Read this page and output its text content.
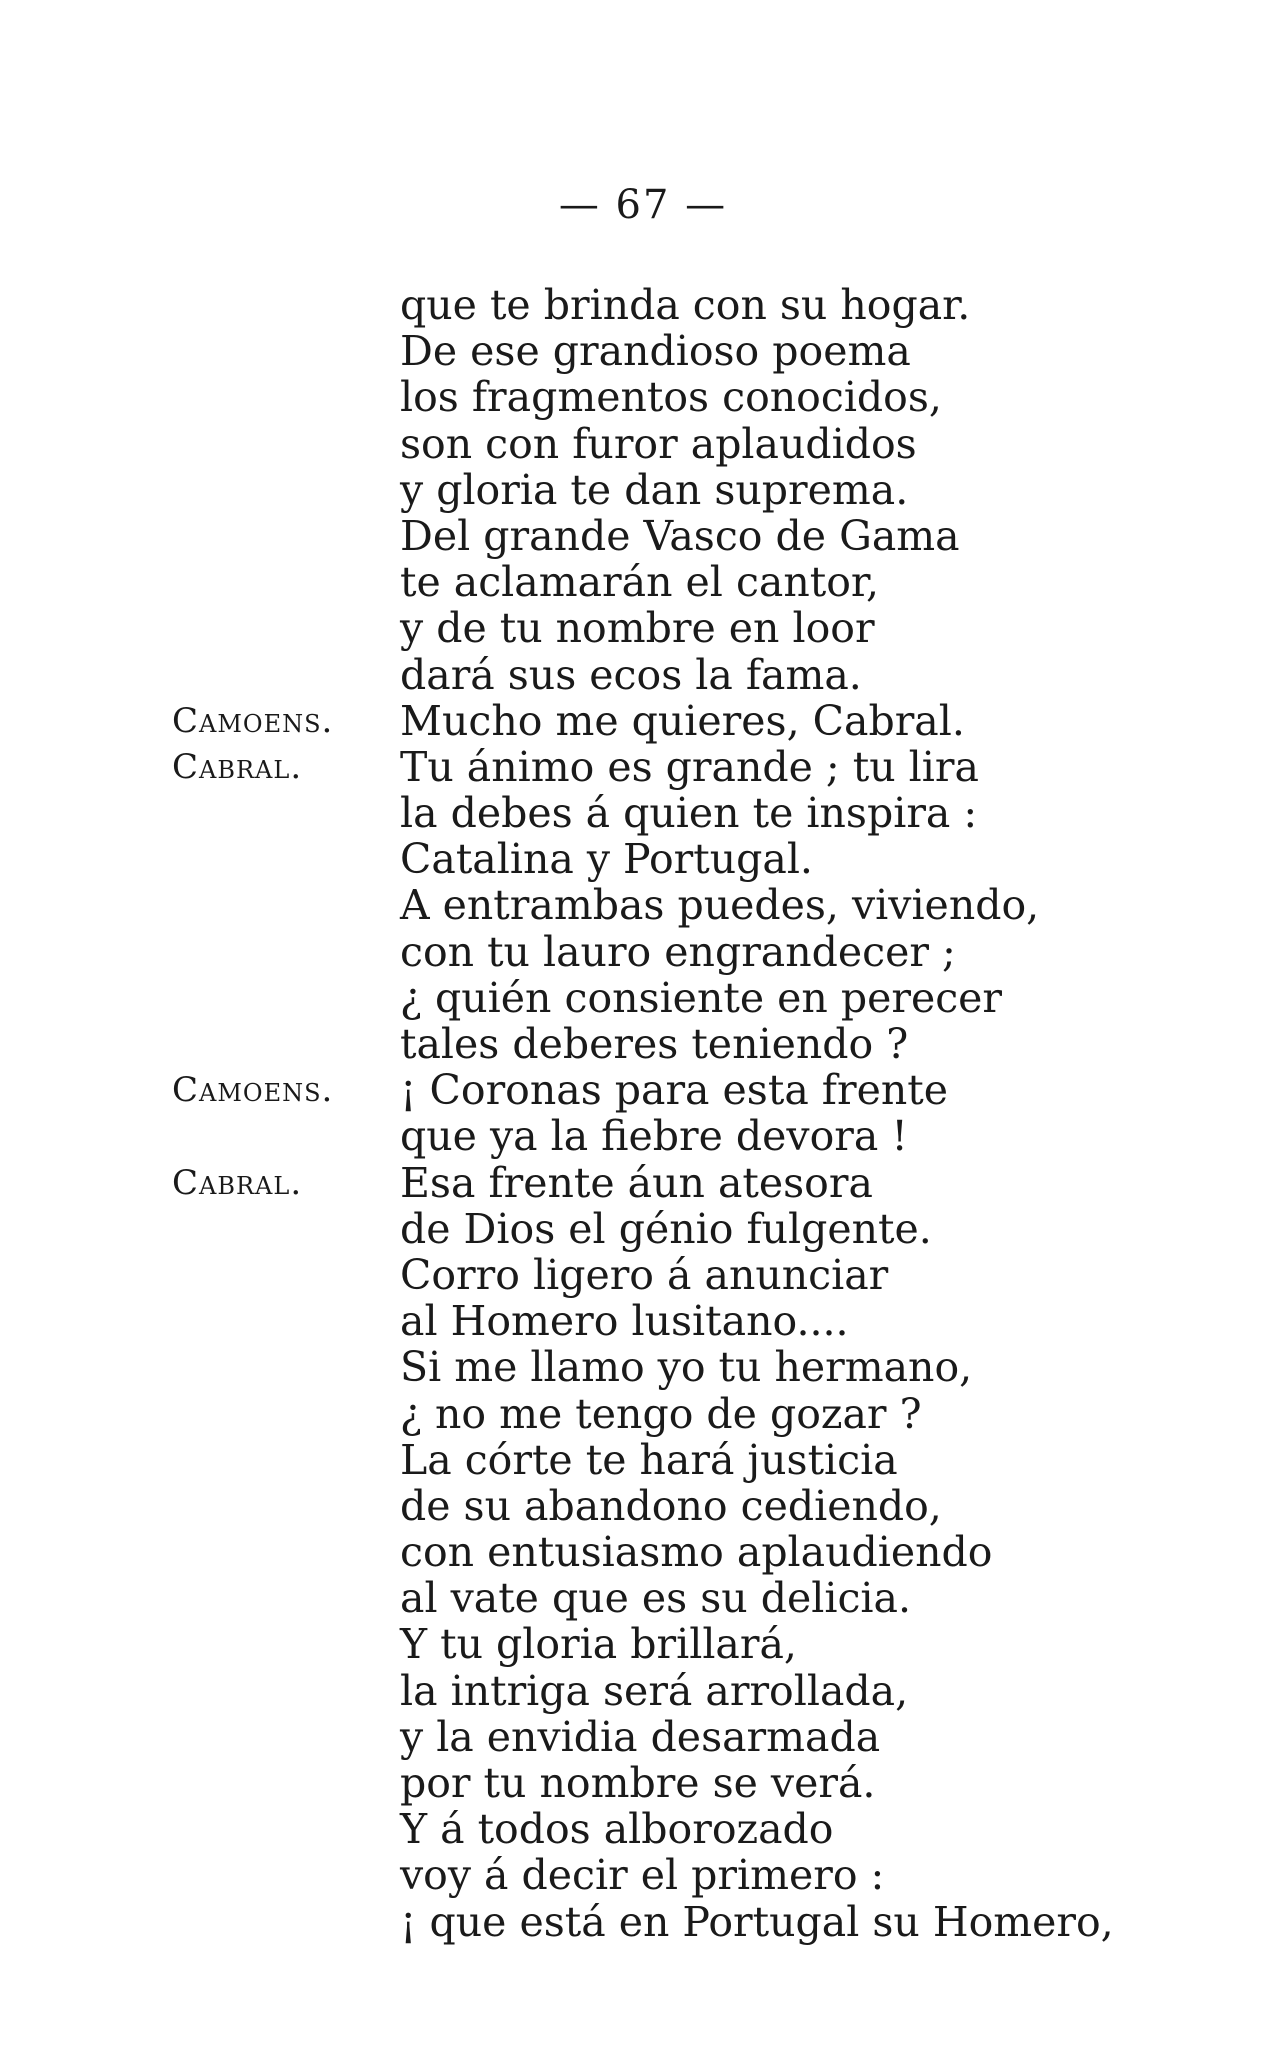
— 67 —
que te brinda con su hogar.
De ese grandioso poema
los fragmentos conocidos,
son con furor aplaudidos
y gloria te dan suprema.
Del grande Vasco de Gama
te aclamarán el cantor,
y de tu nombre en loor
dará sus ecos la fama.
Camoens.	Mucho me quieres, Cabral.
Cabral.	Tu ánimo es grande ; tu lira
la debes á quien te inspira :
Catalina y Portugal.
A entrambas puedes, viviendo,
con tu lauro engrandecer ;
¿ quién consiente en perecer
tales deberes teniendo ?
Camoens.	¡ Coronas para esta frente
que ya la fiebre devora !
Cabral.	Esa frente áun atesora
de Dios el génio fulgente.
Corro ligero á anunciar
al Homero lusitano....
Si me llamo yo tu hermano,
¿ no me tengo de gozar ?
La córte te hará justicia
de su abandono cediendo,
con entusiasmo aplaudiendo
al vate que es su delicia.
Y tu gloria brillará,
la intriga será arrollada,
y la envidia desarmada
por tu nombre se verá.
Y á todos alborozado
voy á decir el primero :
¡ que está en Portugal su Homero,
